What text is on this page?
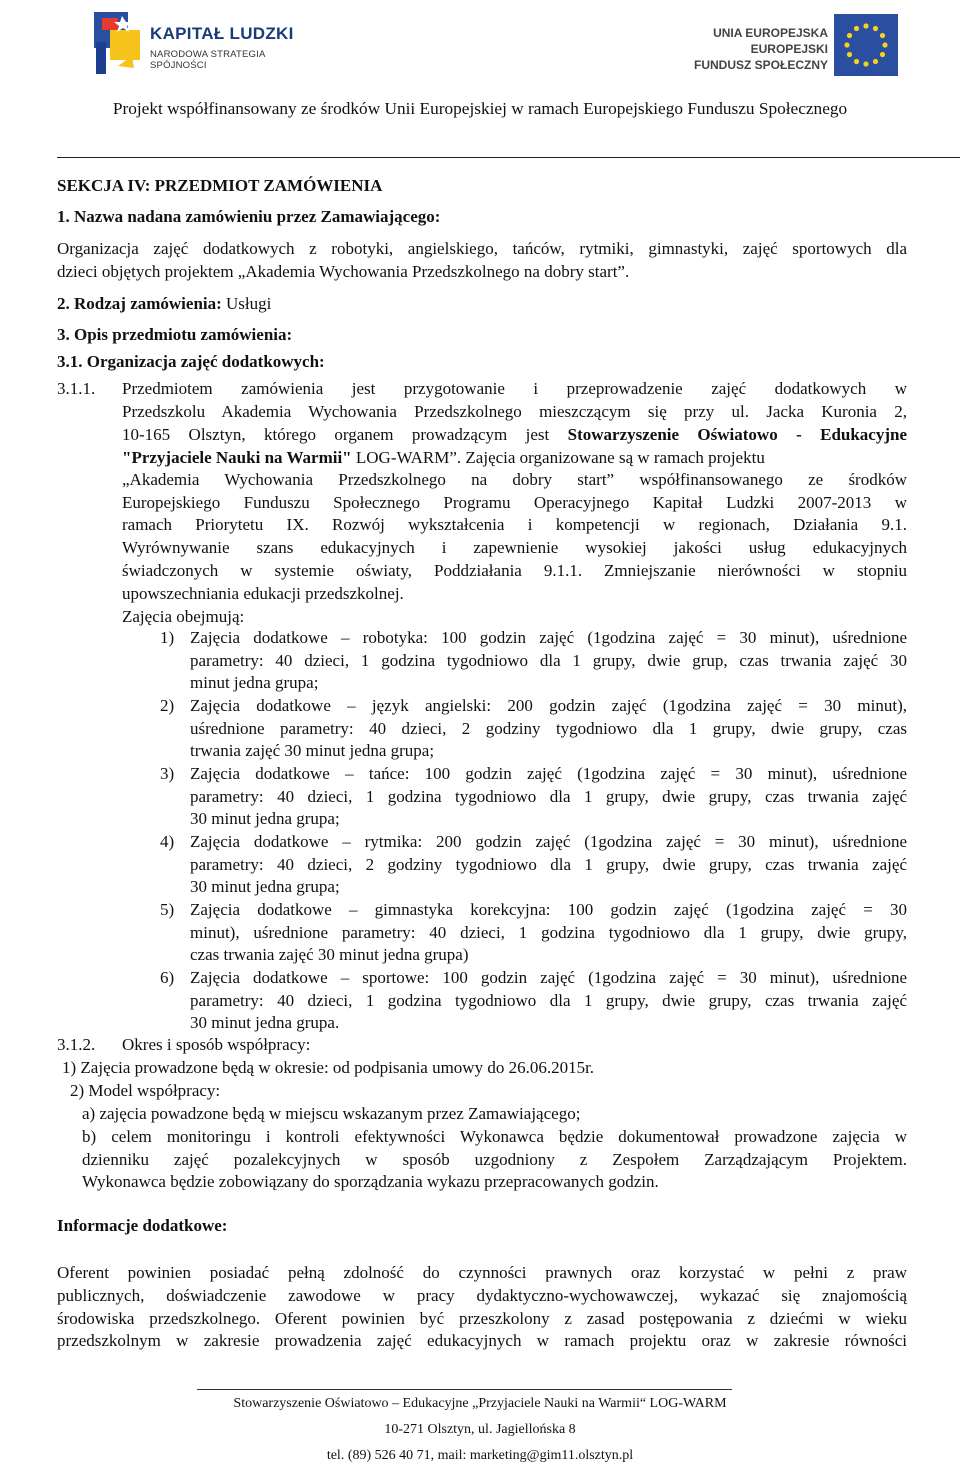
KAPITAŁ LUDZKI
NARODOWA STRATEGIA SPÓJNOŚCI
UNIA EUROPEJSKA
EUROPEJSKI
FUNDUSZ SPOŁECZNY
Projekt współfinansowany ze środków Unii Europejskiej w ramach Europejskiego Funduszu Społecznego
SEKCJA IV: PRZEDMIOT ZAMÓWIENIA
1. Nazwa nadana zamówieniu przez Zamawiającego:
Organizacja zajęć dodatkowych z robotyki, angielskiego, tańców, rytmiki, gimnastyki, zajęć sportowych dla
dzieci objętych projektem „Akademia Wychowania Przedszkolnego na dobry start”.
2. Rodzaj zamówienia: Usługi
3. Opis przedmiotu zamówienia:
3.1. Organizacja zajęć dodatkowych:
3.1.1. Przedmiotem zamówienia jest przygotowanie i przeprowadzenie zajęć dodatkowych w
Przedszkolu Akademia Wychowania Przedszkolnego mieszczącym się przy ul. Jacka Kuronia 2,
10-165 Olsztyn, którego organem prowadzącym jest Stowarzyszenie Oświatowo - Edukacyjne
"Przyjaciele Nauki na Warmii" LOG-WARM”. Zajęcia organizowane są w ramach projektu
„Akademia Wychowania Przedszkolnego na dobry start” współfinansowanego ze środków
Europejskiego Funduszu Społecznego Programu Operacyjnego Kapitał Ludzki 2007-2013 w
ramach Priorytetu IX. Rozwój wykształcenia i kompetencji w regionach, Działania 9.1.
Wyrównywanie szans edukacyjnych i zapewnienie wysokiej jakości usług edukacyjnych
świadczonych w systemie oświaty, Poddziałania 9.1.1. Zmniejszanie nierówności w stopniu
upowszechniania edukacji przedszkolnej.
Zajęcia obejmują:
1) Zajęcia dodatkowe – robotyka: 100 godzin zajęć (1godzina zajęć = 30 minut), uśrednione
parametry: 40 dzieci, 1 godzina tygodniowo dla 1 grupy, dwie grup, czas trwania zajęć 30
minut jedna grupa;
2) Zajęcia dodatkowe – język angielski: 200 godzin zajęć (1godzina zajęć = 30 minut),
uśrednione parametry: 40 dzieci, 2 godziny tygodniowo dla 1 grupy, dwie grupy, czas
trwania zajęć 30 minut jedna grupa;
3) Zajęcia dodatkowe – tańce: 100 godzin zajęć (1godzina zajęć = 30 minut), uśrednione
parametry: 40 dzieci, 1 godzina tygodniowo dla 1 grupy, dwie grupy, czas trwania zajęć
30 minut jedna grupa;
4) Zajęcia dodatkowe – rytmika: 200 godzin zajęć (1godzina zajęć = 30 minut), uśrednione
parametry: 40 dzieci, 2 godziny tygodniowo dla 1 grupy, dwie grupy, czas trwania zajęć
30 minut jedna grupa;
5) Zajęcia dodatkowe – gimnastyka korekcyjna: 100 godzin zajęć (1godzina zajęć = 30
minut), uśrednione parametry: 40 dzieci, 1 godzina tygodniowo dla 1 grupy, dwie grupy,
czas trwania zajęć 30 minut jedna grupa)
6) Zajęcia dodatkowe – sportowe: 100 godzin zajęć (1godzina zajęć = 30 minut), uśrednione
parametry: 40 dzieci, 1 godzina tygodniowo dla 1 grupy, dwie grupy, czas trwania zajęć
30 minut jedna grupa.
3.1.2. Okres i sposób współpracy:
1) Zajęcia prowadzone będą w okresie: od podpisania umowy do 26.06.2015r.
2) Model współpracy:
a) zajęcia powadzone będą w miejscu wskazanym przez Zamawiającego;
b) celem monitoringu i kontroli efektywności Wykonawca będzie dokumentował prowadzone zajęcia w
dzienniku zajęć pozalekcyjnych w sposób uzgodniony z Zespołem Zarządzającym Projektem.
Wykonawca będzie zobowiązany do sporządzania wykazu przepracowanych godzin.
Informacje dodatkowe:
Oferent powinien posiadać pełną zdolność do czynności prawnych oraz korzystać w pełni z praw
publicznych, doświadczenie zawodowe w pracy dydaktyczno-wychowawczej, wykazać się znajomością
środowiska przedszkolnego. Oferent powinien być przeszkolony z zasad postępowania z dziećmi w wieku
przedszkolnym w zakresie prowadzenia zajęć edukacyjnych w ramach projektu oraz w zakresie równości
Stowarzyszenie Oświatowo – Edukacyjne „Przyjaciele Nauki na Warmii“ LOG-WARM
10-271 Olsztyn, ul. Jagiellońska 8
tel. (89) 526 40 71, mail: marketing@gim11.olsztyn.pl
